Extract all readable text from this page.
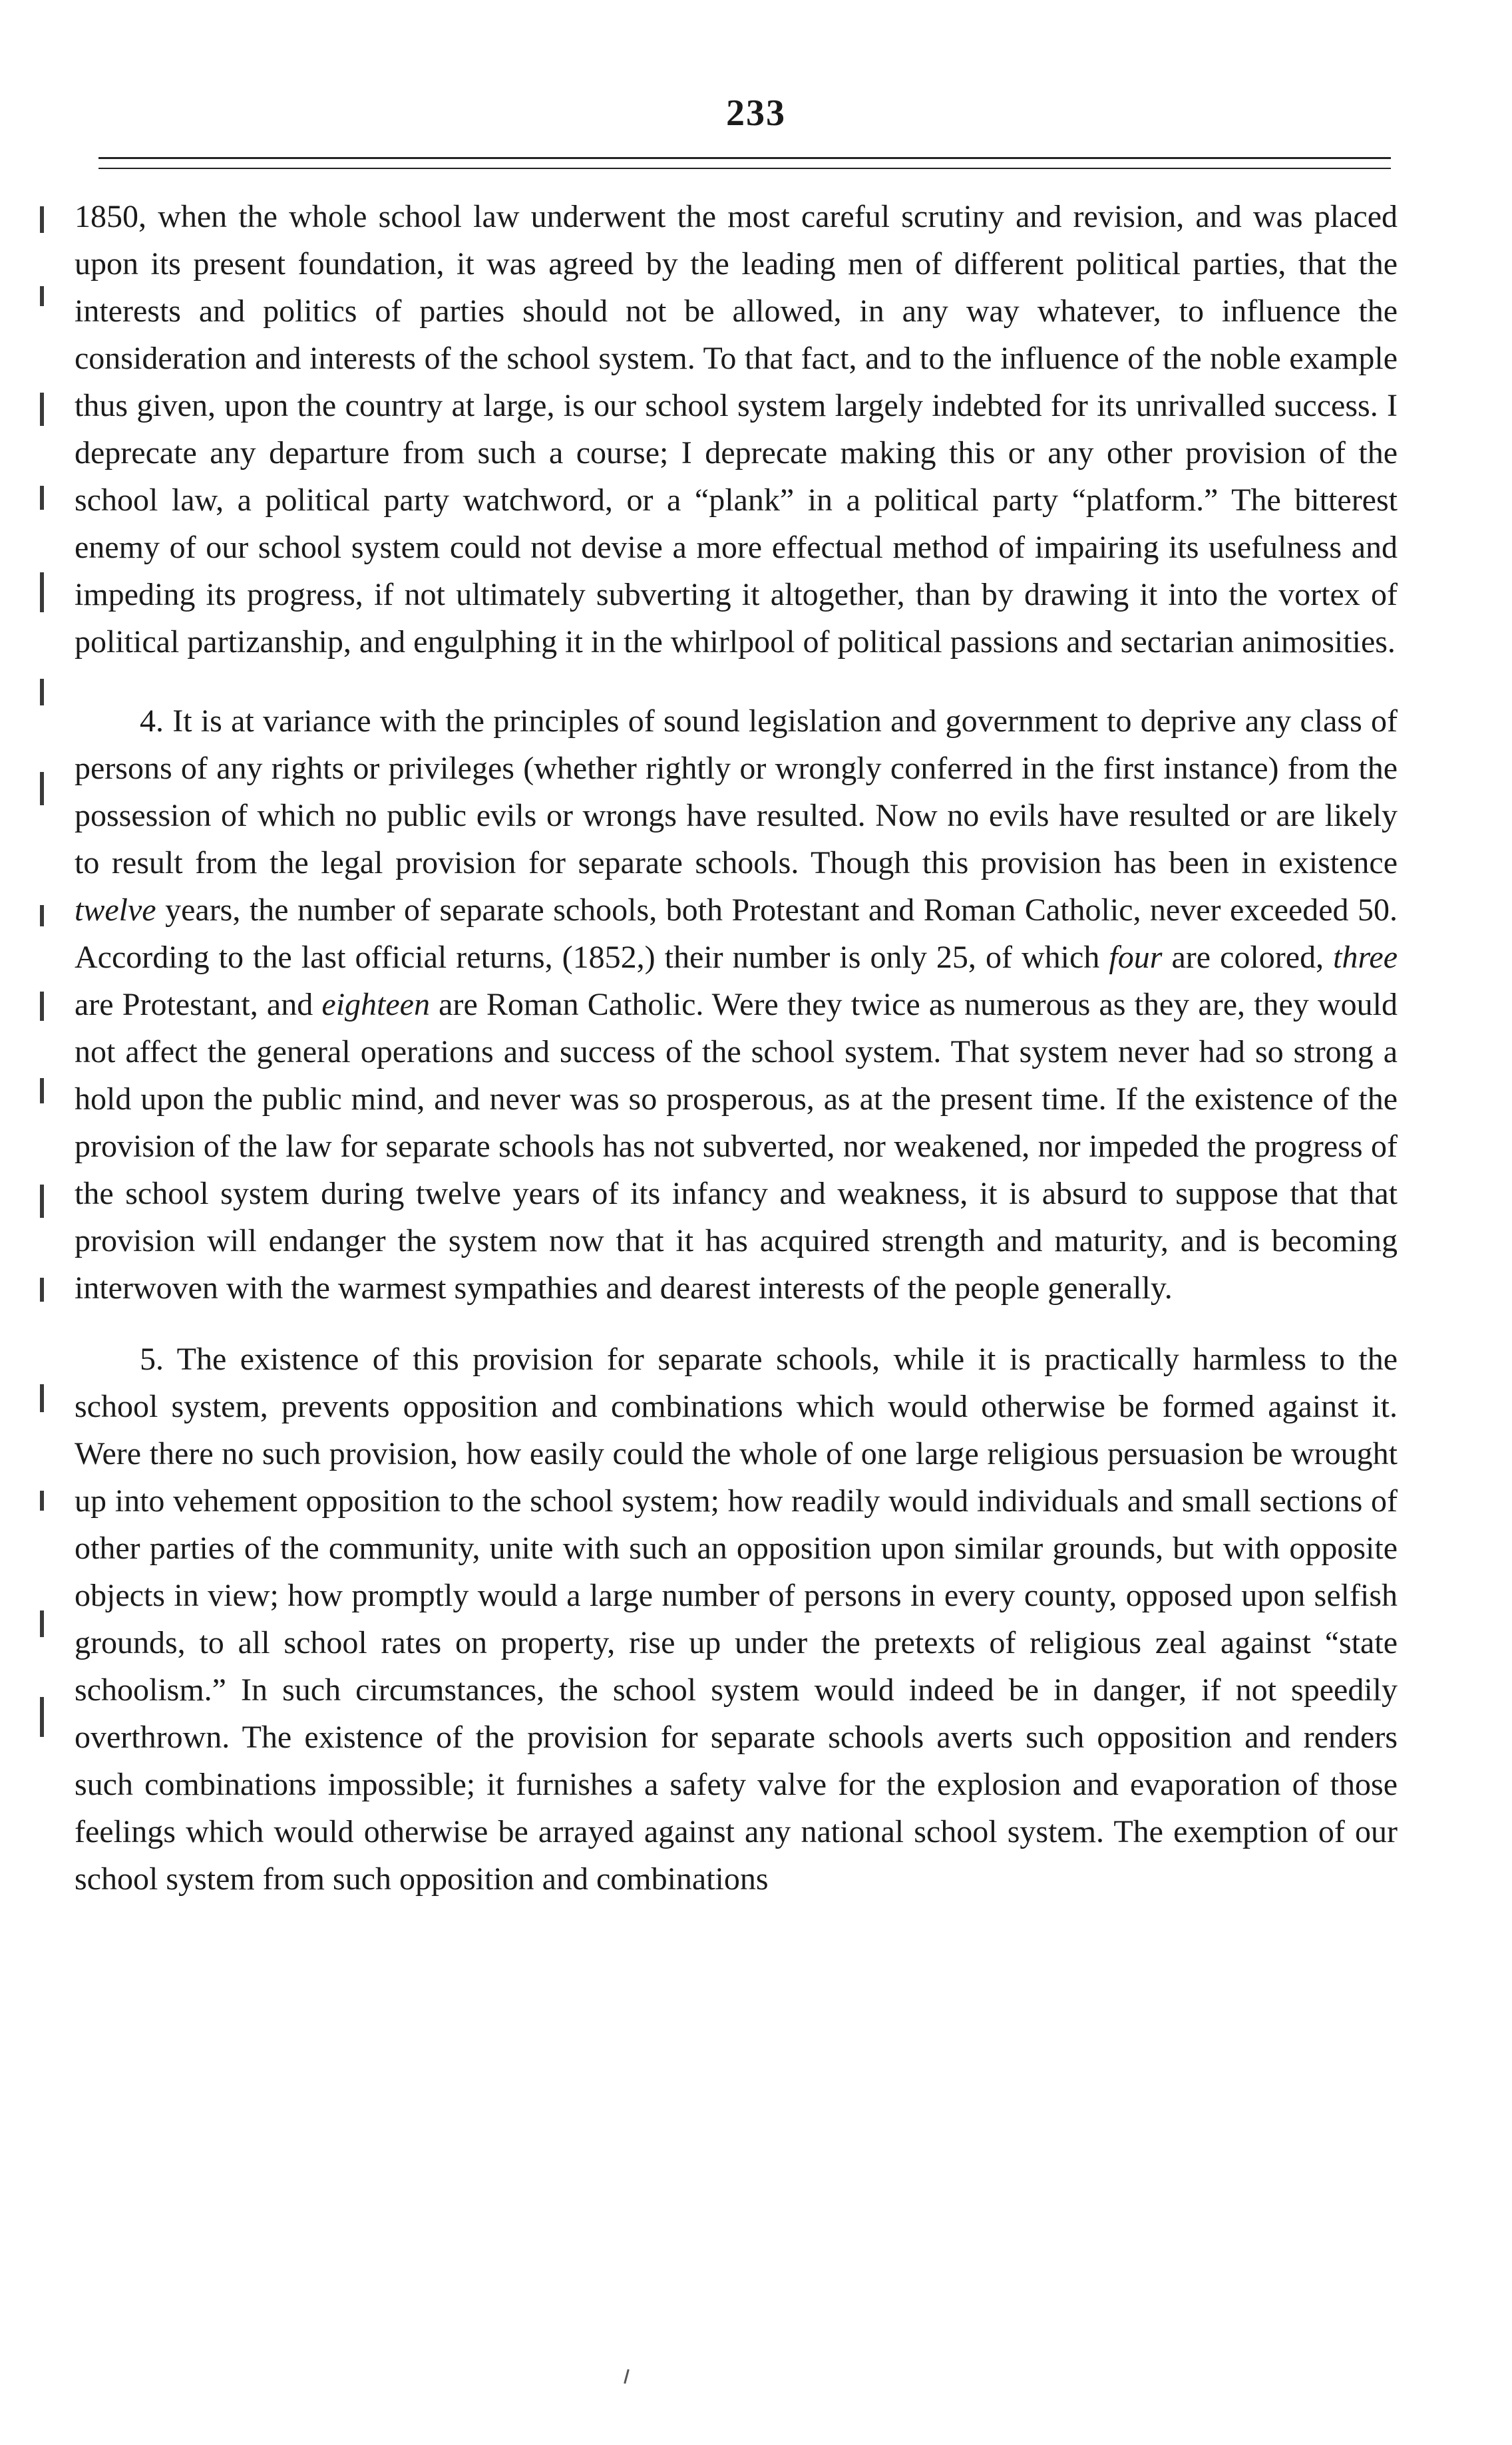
233

1850, when the whole school law underwent the most careful scrutiny and revision, and was placed upon its present foundation, it was agreed by the leading men of different political parties, that the interests and politics of parties should not be allowed, in any way whatever, to influence the consideration and interests of the school system. To that fact, and to the influence of the noble example thus given, upon the country at large, is our school system largely indebted for its unrivalled success. I deprecate any departure from such a course; I deprecate making this or any other provision of the school law, a political party watchword, or a “plank” in a political party “platform.” The bitterest enemy of our school system could not devise a more effectual method of impairing its usefulness and impeding its progress, if not ultimately subverting it altogether, than by drawing it into the vortex of political partizanship, and engulphing it in the whirlpool of political passions and sectarian animosities.

4. It is at variance with the principles of sound legislation and government to deprive any class of persons of any rights or privileges (whether rightly or wrongly conferred in the first instance) from the possession of which no public evils or wrongs have resulted. Now no evils have resulted or are likely to result from the legal provision for separate schools. Though this provision has been in existence twelve years, the number of separate schools, both Protestant and Roman Catholic, never exceeded 50. According to the last official returns, (1852,) their number is only 25, of which four are colored, three are Protestant, and eighteen are Roman Catholic. Were they twice as numerous as they are, they would not affect the general operations and success of the school system. That system never had so strong a hold upon the public mind, and never was so prosperous, as at the present time. If the existence of the provision of the law for separate schools has not subverted, nor weakened, nor impeded the progress of the school system during twelve years of its infancy and weakness, it is absurd to suppose that that provision will endanger the system now that it has acquired strength and maturity, and is becoming interwoven with the warmest sympathies and dearest interests of the people generally.

5. The existence of this provision for separate schools, while it is practically harmless to the school system, prevents opposition and combinations which would otherwise be formed against it. Were there no such provision, how easily could the whole of one large religious persuasion be wrought up into vehement opposition to the school system; how readily would individuals and small sections of other parties of the community, unite with such an opposition upon similar grounds, but with opposite objects in view; how promptly would a large number of persons in every county, opposed upon selfish grounds, to all school rates on property, rise up under the pretexts of religious zeal against “state schoolism.” In such circumstances, the school system would indeed be in danger, if not speedily overthrown. The existence of the provision for separate schools averts such opposition and renders such combinations impossible; it furnishes a safety valve for the explosion and evaporation of those feelings which would otherwise be arrayed against any national school system. The exemption of our school system from such opposition and combinations
